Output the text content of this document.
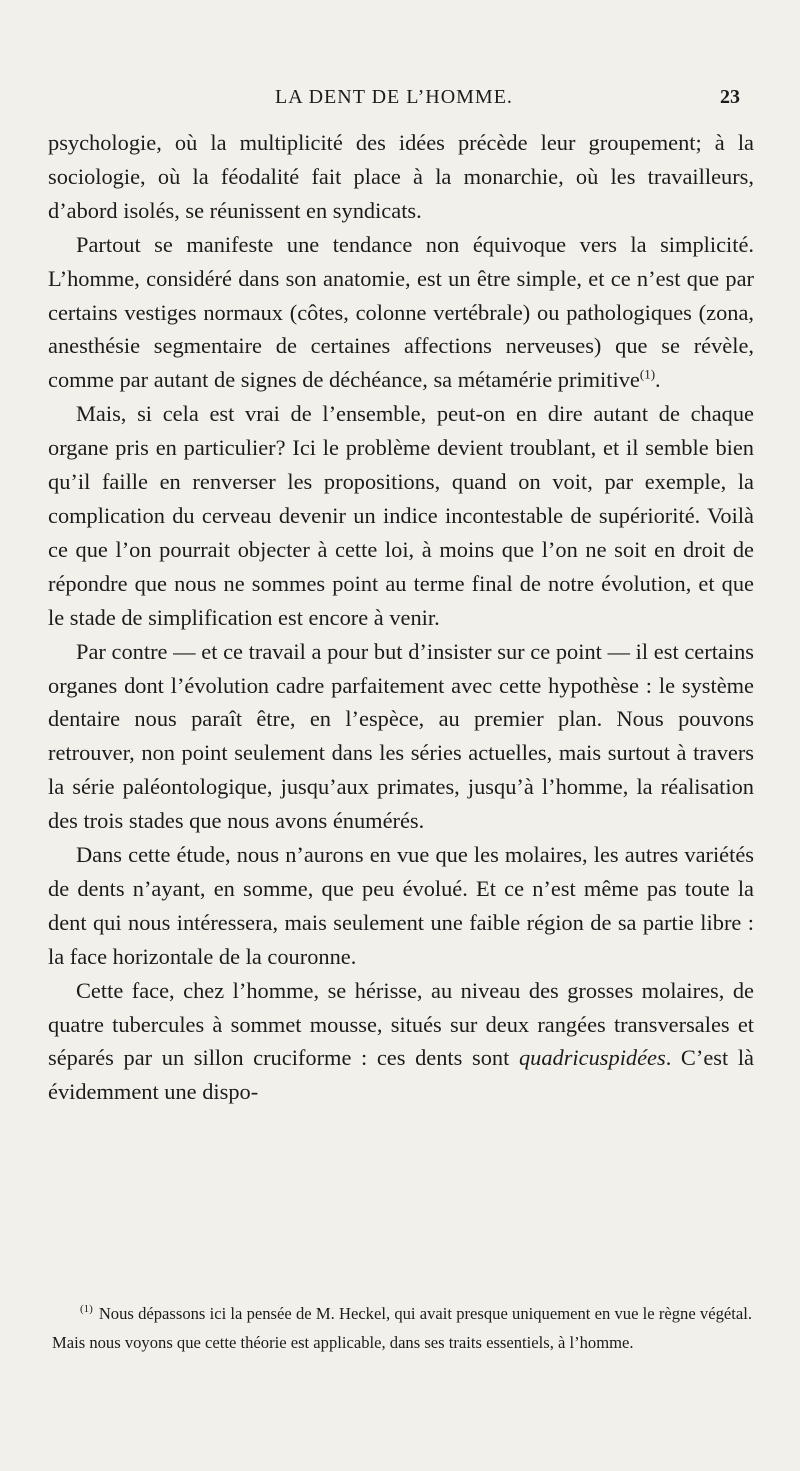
LA DENT DE L’HOMME.	23

psychologie, où la multiplicité des idées précède leur groupement; à la sociologie, où la féodalité fait place à la monarchie, où les travailleurs, d’abord isolés, se réunissent en syndicats.

Partout se manifeste une tendance non équivoque vers la simplicité. L’homme, considéré dans son anatomie, est un être simple, et ce n’est que par certains vestiges normaux (côtes, colonne vertébrale) ou pathologiques (zona, anesthésie segmentaire de certaines affections nerveuses) que se révèle, comme par autant de signes de déchéance, sa métamérie primitive$^{(1)}$.

Mais, si cela est vrai de l’ensemble, peut-on en dire autant de chaque organe pris en particulier? Ici le problème devient troublant, et il semble bien qu’il faille en renverser les propositions, quand on voit, par exemple, la complication du cerveau devenir un indice incontestable de supériorité. Voilà ce que l’on pourrait objecter à cette loi, à moins que l’on ne soit en droit de répondre que nous ne sommes point au terme final de notre évolution, et que le stade de simplification est encore à venir.

Par contre — et ce travail a pour but d’insister sur ce point — il est certains organes dont l’évolution cadre parfaitement avec cette hypothèse : le système dentaire nous paraît être, en l’espèce, au premier plan. Nous pouvons retrouver, non point seulement dans les séries actuelles, mais surtout à travers la série paléontologique, jusqu’aux primates, jusqu’à l’homme, la réalisation des trois stades que nous avons énumérés.

Dans cette étude, nous n’aurons en vue que les molaires, les autres variétés de dents n’ayant, en somme, que peu évolué. Et ce n’est même pas toute la dent qui nous intéressera, mais seulement une faible région de sa partie libre : la face horizontale de la couronne.

Cette face, chez l’homme, se hérisse, au niveau des grosses molaires, de quatre tubercules à sommet mousse, situés sur deux rangées transversales et séparés par un sillon cruciforme : ces dents sont quadricuspidées. C’est là évidemment une dispo-

$^{(1)}$ Nous dépassons ici la pensée de M. Heckel, qui avait presque uniquement en vue le règne végétal. Mais nous voyons que cette théorie est applicable, dans ses traits essentiels, à l’homme.
